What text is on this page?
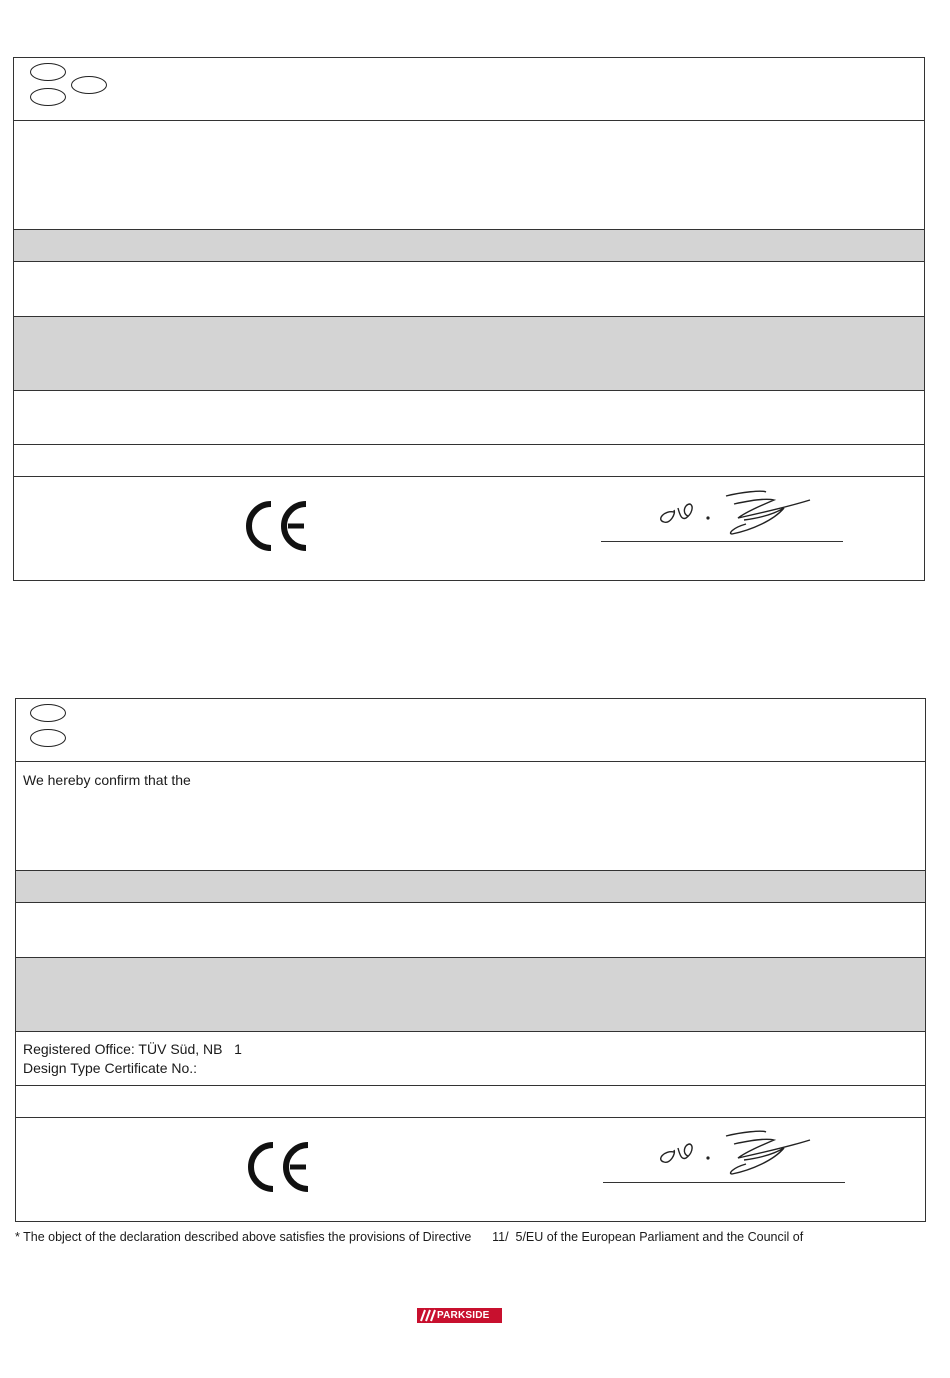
We hereby confirm that the
Registered Office: TÜV Süd, NB   1
Design Type Certificate No.:
* The object of the declaration described above satisfies the provisions of Directive      11/  5/EU of the European Parliament and the Council of
PARKSIDE
